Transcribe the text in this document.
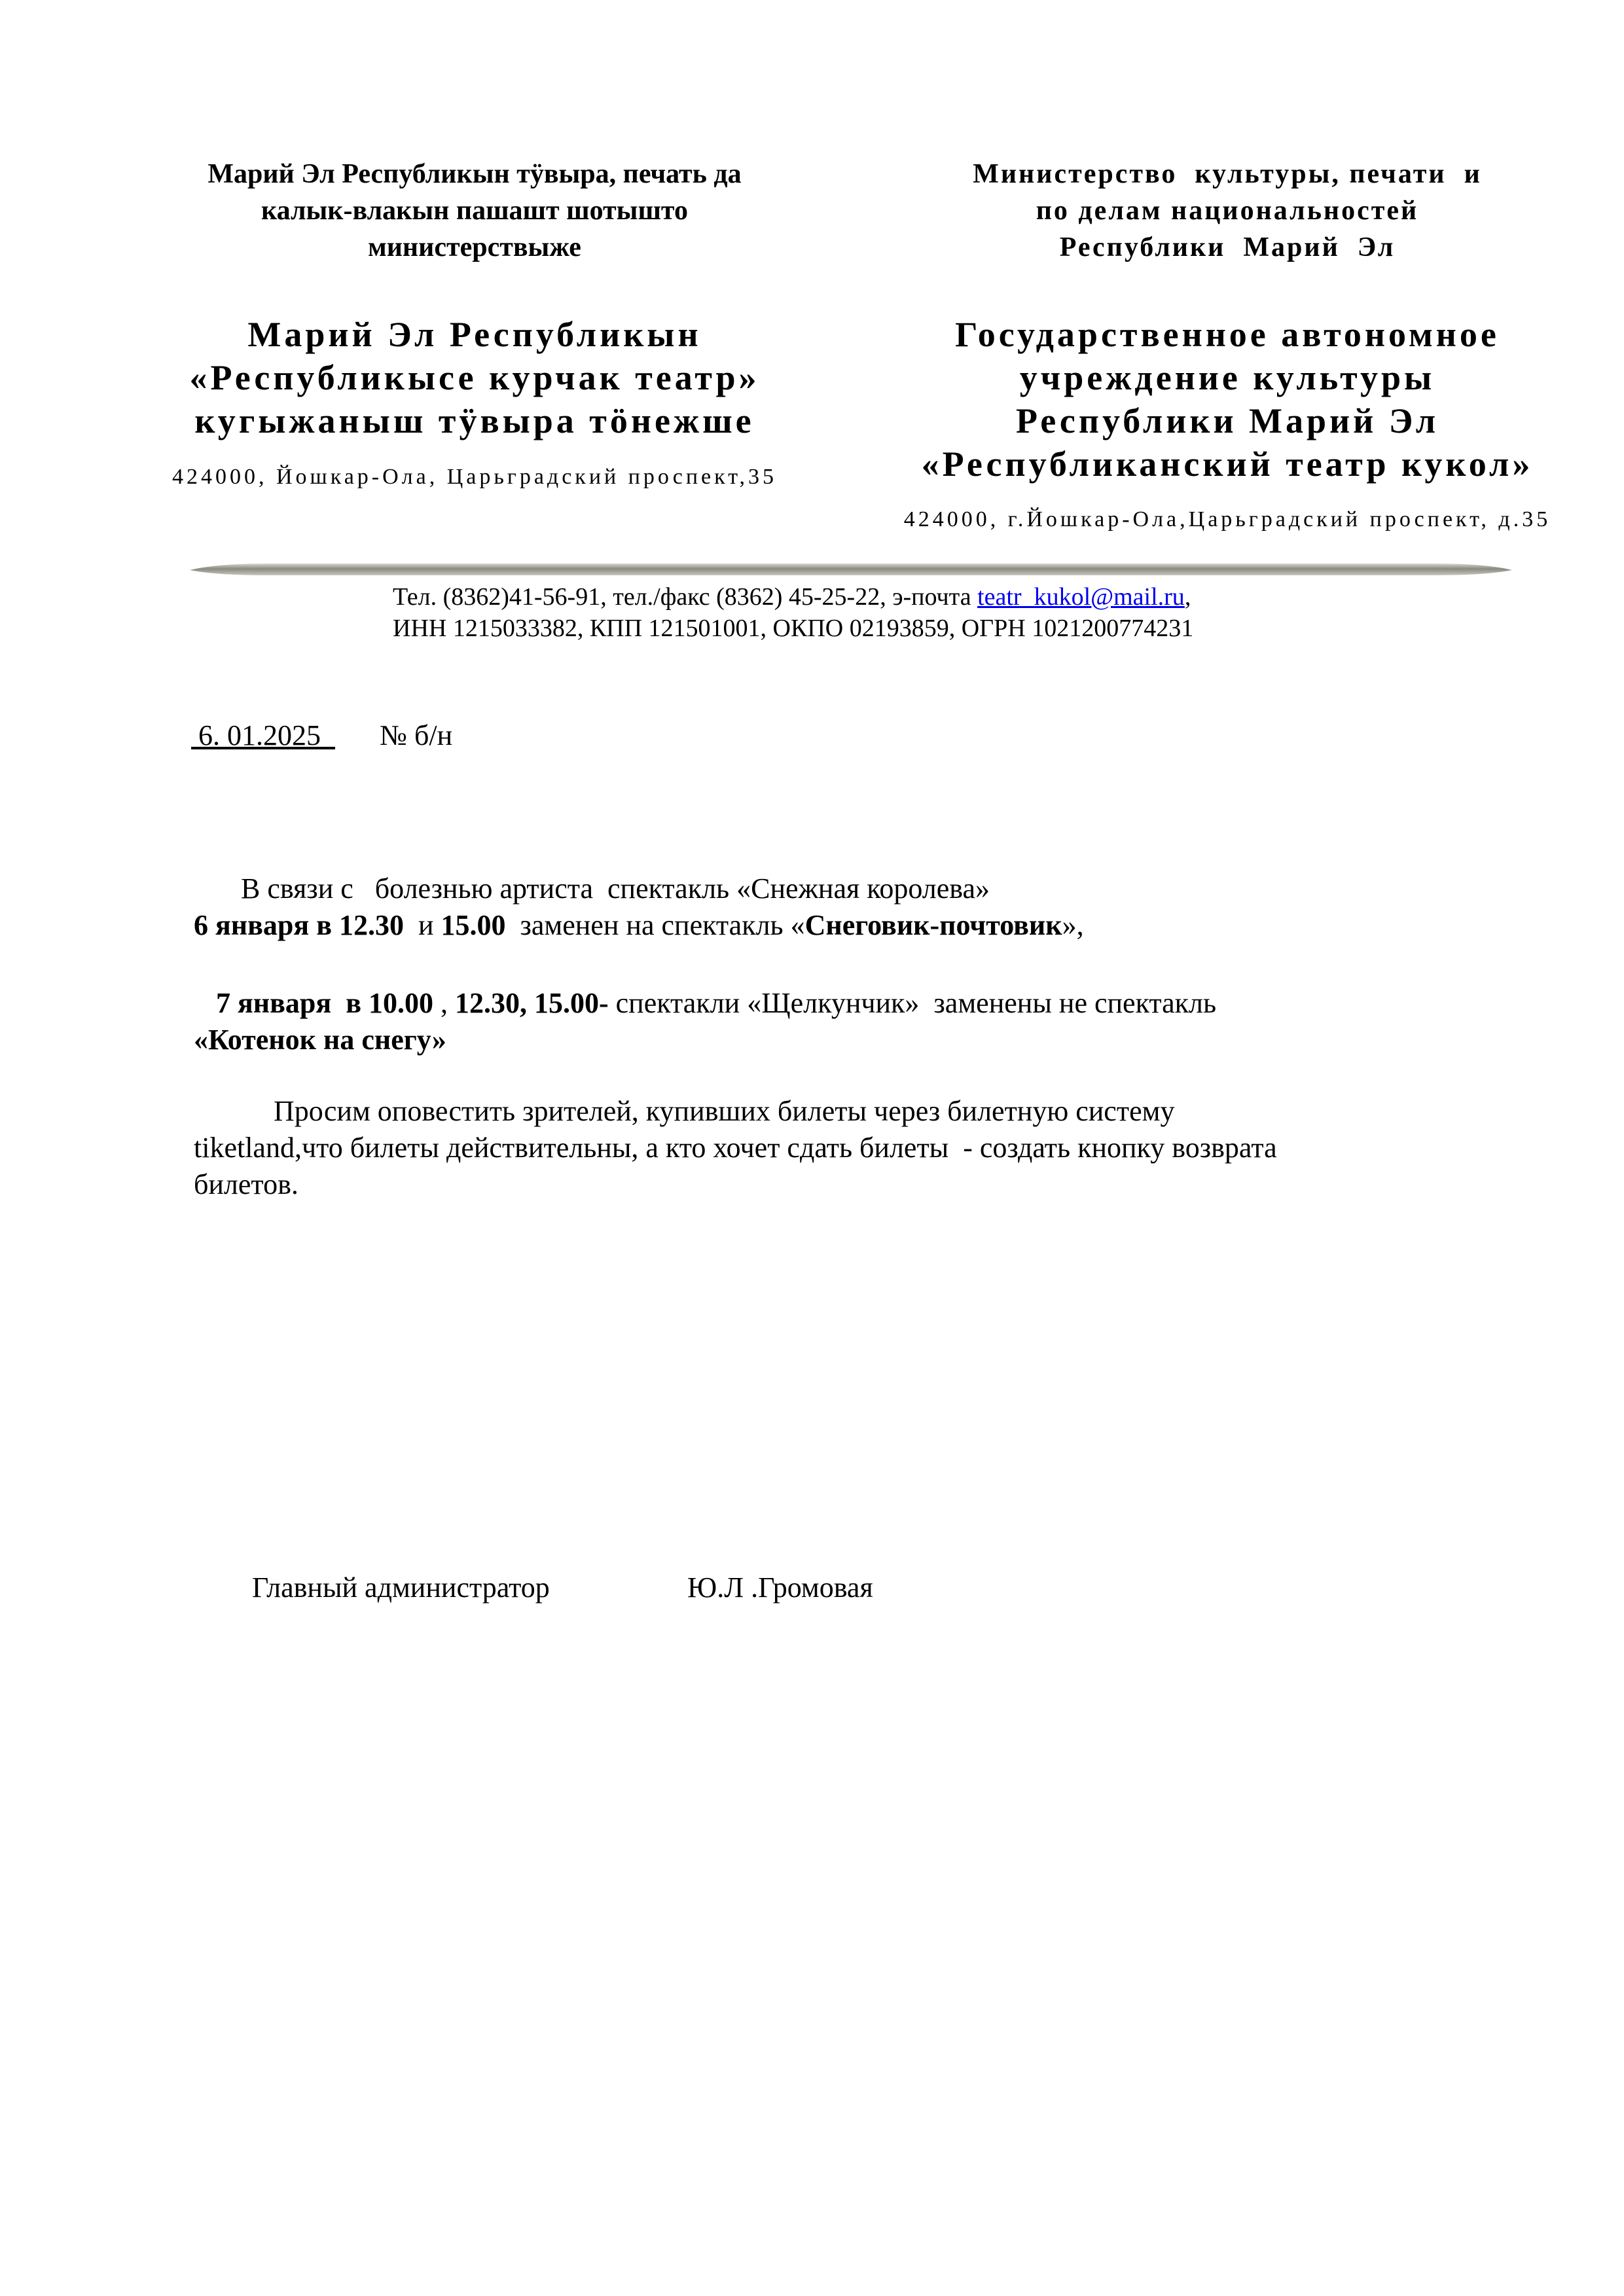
Марий Эл Республикын тӱвыра, печать да
калык-влакын пашашт шотышто
министерствыже
Министерство  культуры, печати  и
по делам национальностей
Республики  Марий  Эл
Марий Эл Республикын
«Республикысе курчак театр»
кугыжаныш тӱвыра тӧнежше
Государственное автономное
учреждение культуры
Республики Марий Эл
«Республиканский театр кукол»
424000, Йошкар-Ола, Царьградский проспект,35
424000, г.Йошкар-Ола,Царьградский проспект, д.35
Тел. (8362)41-56-91, тел./факс (8362) 45-25-22, э-почта teatr_kukol@mail.ru,
ИНН 1215033382, КПП 121501001, ОКПО 02193859, ОГРН 1021200774231
6. 01.2025 № б/н
В связи с   болезнью артиста  спектакль «Снежная королева»
6 января в 12.30  и 15.00  заменен на спектакль «Снеговик-почтовик»,
7 января  в 10.00 , 12.30, 15.00- спектакли «Щелкунчик»  заменены не спектакль
«Котенок на снегу»
Просим оповестить зрителей, купивших билеты через билетную систему
tiketland,что билеты действительны, а кто хочет сдать билеты  - создать кнопку возврата
билетов.
Главный администратор	Ю.Л .Громовая
